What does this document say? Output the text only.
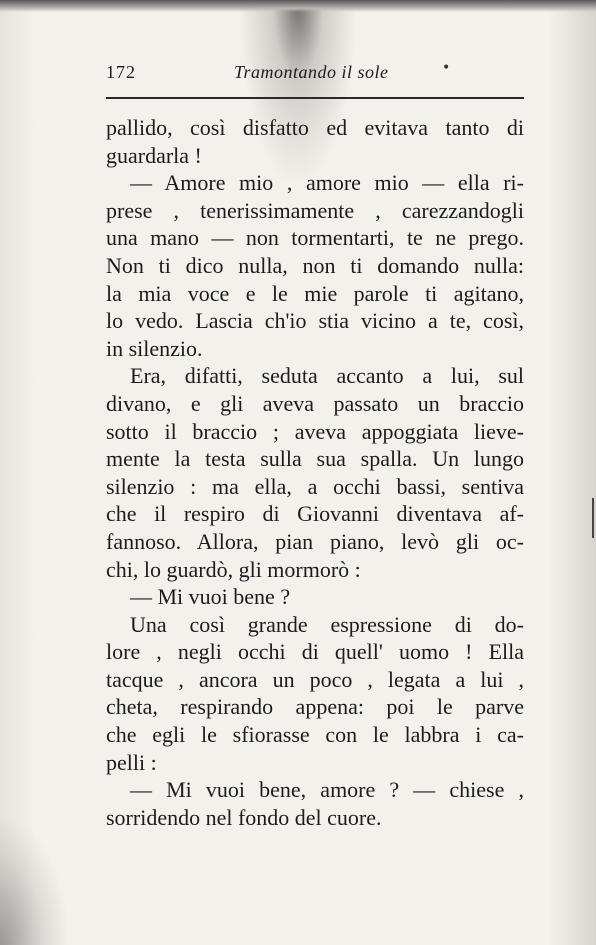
172	Tramontando il sole	•
pallido, così disfatto ed evitava tanto di
guardarla !
— Amore mio , amore mio — ella ri-
prese , tenerissimamente , carezzandogli
una mano — non tormentarti, te ne prego.
Non ti dico nulla, non ti domando nulla:
la mia voce e le mie parole ti agitano,
lo vedo. Lascia ch'io stia vicino a te, così,
in silenzio.
Era, difatti, seduta accanto a lui, sul
divano, e gli aveva passato un braccio
sotto il braccio ; aveva appoggiata lieve-
mente la testa sulla sua spalla. Un lungo
silenzio : ma ella, a occhi bassi, sentiva
che il respiro di Giovanni diventava af-
fannoso. Allora, pian piano, levò gli oc-
chi, lo guardò, gli mormorò :
— Mi vuoi bene ?
Una così grande espressione di do-
lore , negli occhi di quell' uomo ! Ella
tacque , ancora un poco , legata a lui ,
cheta, respirando appena: poi le parve
che egli le sfiorasse con le labbra i ca-
pelli :
— Mi vuoi bene, amore ? — chiese ,
sorridendo nel fondo del cuore.
